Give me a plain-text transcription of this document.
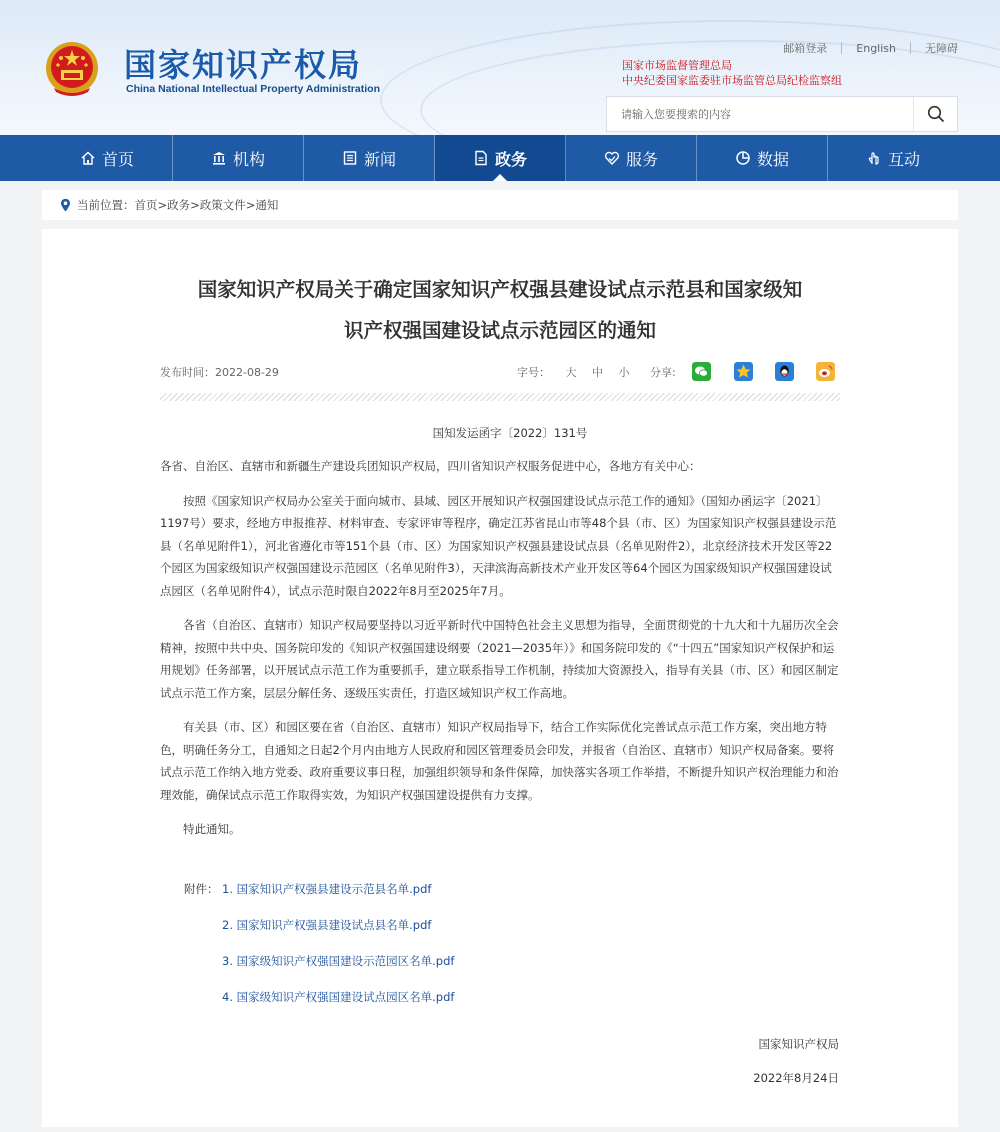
国家知识产权局
China National Intellectual Property Administration
邮箱登录	English	无障碍
国家市场监督管理总局
中央纪委国家监委驻市场监管总局纪检监察组
请输入您要搜索的内容
首页	机构	新闻	政务	服务	数据	互动
当前位置：首页>政务>政策文件>通知
国家知识产权局关于确定国家知识产权强县建设试点示范县和国家级知
识产权强国建设试点示范园区的通知
发布时间：2022-08-29	字号： 大 中 小 分享:
国知发运函字〔2022〕131号

各省、自治区、直辖市和新疆生产建设兵团知识产权局，四川省知识产权服务促进中心，各地方有关中心：

按照《国家知识产权局办公室关于面向城市、县域、园区开展知识产权强国建设试点示范工作的通知》（国知办函运字〔2021〕1197号）要求，经地方申报推荐、材料审查、专家评审等程序，确定江苏省昆山市等48个县（市、区）为国家知识产权强县建设示范县（名单见附件1），河北省遵化市等151个县（市、区）为国家知识产权强县建设试点县（名单见附件2），北京经济技术开发区等22个园区为国家级知识产权强国建设示范园区（名单见附件3），天津滨海高新技术产业开发区等64个园区为国家级知识产权强国建设试点园区（名单见附件4），试点示范时限自2022年8月至2025年7月。

各省（自治区、直辖市）知识产权局要坚持以习近平新时代中国特色社会主义思想为指导，全面贯彻党的十九大和十九届历次全会精神，按照中共中央、国务院印发的《知识产权强国建设纲要（2021—2035年）》和国务院印发的《“十四五”国家知识产权保护和运用规划》任务部署，以开展试点示范工作为重要抓手，建立联系指导工作机制，持续加大资源投入，指导有关县（市、区）和园区制定试点示范工作方案，层层分解任务、逐级压实责任，打造区域知识产权工作高地。

有关县（市、区）和园区要在省（自治区、直辖市）知识产权局指导下，结合工作实际优化完善试点示范工作方案，突出地方特色，明确任务分工，自通知之日起2个月内由地方人民政府和园区管理委员会印发，并报省（自治区、直辖市）知识产权局备案。要将试点示范工作纳入地方党委、政府重要议事日程，加强组织领导和条件保障，加快落实各项工作举措，不断提升知识产权治理能力和治理效能，确保试点示范工作取得实效，为知识产权强国建设提供有力支撑。

特此通知。

附件： 1. 国家知识产权强县建设示范县名单.pdf
2. 国家知识产权强县建设试点县名单.pdf
3. 国家级知识产权强国建设示范园区名单.pdf
4. 国家级知识产权强国建设试点园区名单.pdf
国家知识产权局
2022年8月24日
